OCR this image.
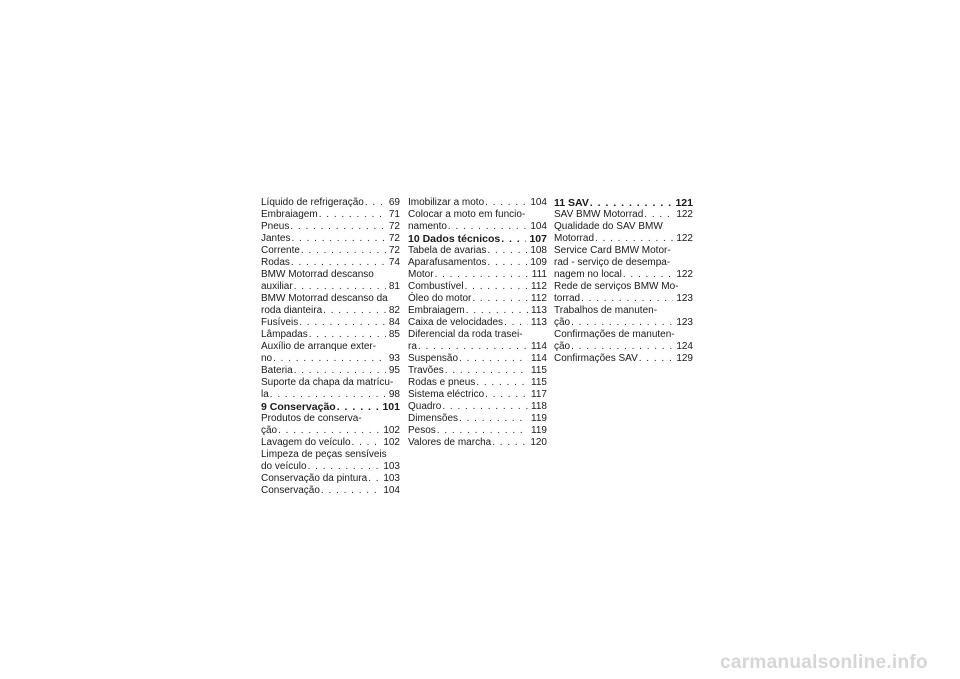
Líquido de refrigeração . . .	69
Embraiagem . . .	71
Pneus . . .	72
Jantes . . .	72
Corrente . . .	72
Rodas . . .	74
BMW Motorrad descanso
auxiliar . . .	81
BMW Motorrad descanso da
roda dianteira . . .	82
Fusíveis . . .	84
Lâmpadas . . .	85
Auxílio de arranque exter-
no . . .	93
Bateria . . .	95
Suporte da chapa da matrícu-
la . . .	98
9 Conservação . . .	101
Produtos de conserva-
ção . . .	102
Lavagem do veículo . . .	102
Limpeza de peças sensíveis
do veículo . . .	103
Conservação da pintura . . . 103
Conservação . . .	104
Imobilizar a moto . . .	104
Colocar a moto em funcio-
namento . . .	104
10 Dados técnicos . . .	107
Tabela de avarias . . .	108
Aparafusamentos . . .	109
Motor . . .	111
Combustível . . .	112
Óleo do motor . . .	112
Embraiagem . . .	113
Caixa de velocidades . . .	113
Diferencial da roda trasei-
ra . . .	114
Suspensão . . .	114
Travões . . .	115
Rodas e pneus . . .	115
Sistema eléctrico . . .	117
Quadro . . .	118
Dimensões . . .	119
Pesos . . .	119
Valores de marcha . . .	120
11 SAV . . .	121
SAV BMW Motorrad . . .	122
Qualidade do SAV BMW
Motorrad . . .	122
Service Card BMW Motor-
rad - serviço de desempa-
nagem no local . . .	122
Rede de serviços BMW Mo-
torrad . . .	123
Trabalhos de manuten-
ção . . .	123
Confirmações de manuten-
ção . . .	124
Confirmações SAV . . .	129
carmanualsonline.info
